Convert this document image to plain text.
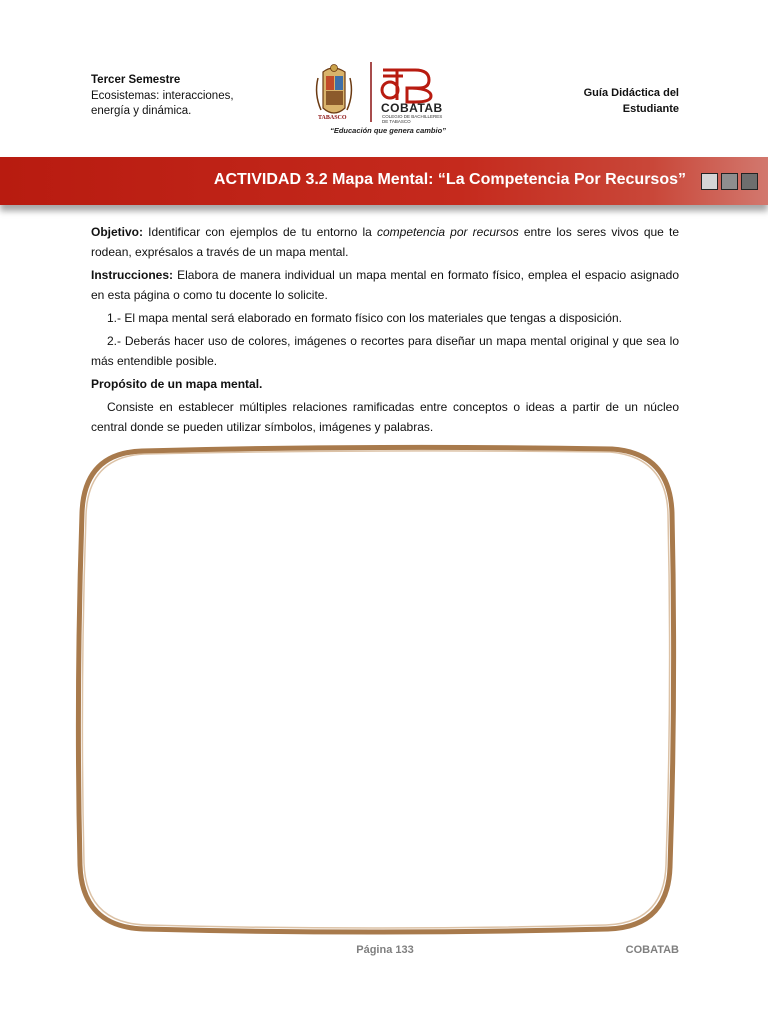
Tercer Semestre
Ecosistemas: interacciones,
energía y dinámica.
TABASCO
COBATAB
COLEGIO DE BACHILLERES
DE TABASCO
“Educación que genera cambio”
Guía Didáctica del
Estudiante
ACTIVIDAD 3.2 Mapa Mental: “La Competencia Por Recursos”

Objetivo: Identificar con ejemplos de tu entorno la competencia por recursos entre los seres vivos que te rodean, exprésalos a través de un mapa mental.

Instrucciones: Elabora de manera individual un mapa mental en formato físico, emplea el espacio asignado en esta página o como tu docente lo solicite.

1.- El mapa mental será elaborado en formato físico con los materiales que tengas a disposición.

2.- Deberás hacer uso de colores, imágenes o recortes para diseñar un mapa mental original y que sea lo más entendible posible.

Propósito de un mapa mental.

Consiste en establecer múltiples relaciones ramificadas entre conceptos o ideas a partir de un núcleo central donde se pueden utilizar símbolos, imágenes y palabras.

Página 133	COBATAB
